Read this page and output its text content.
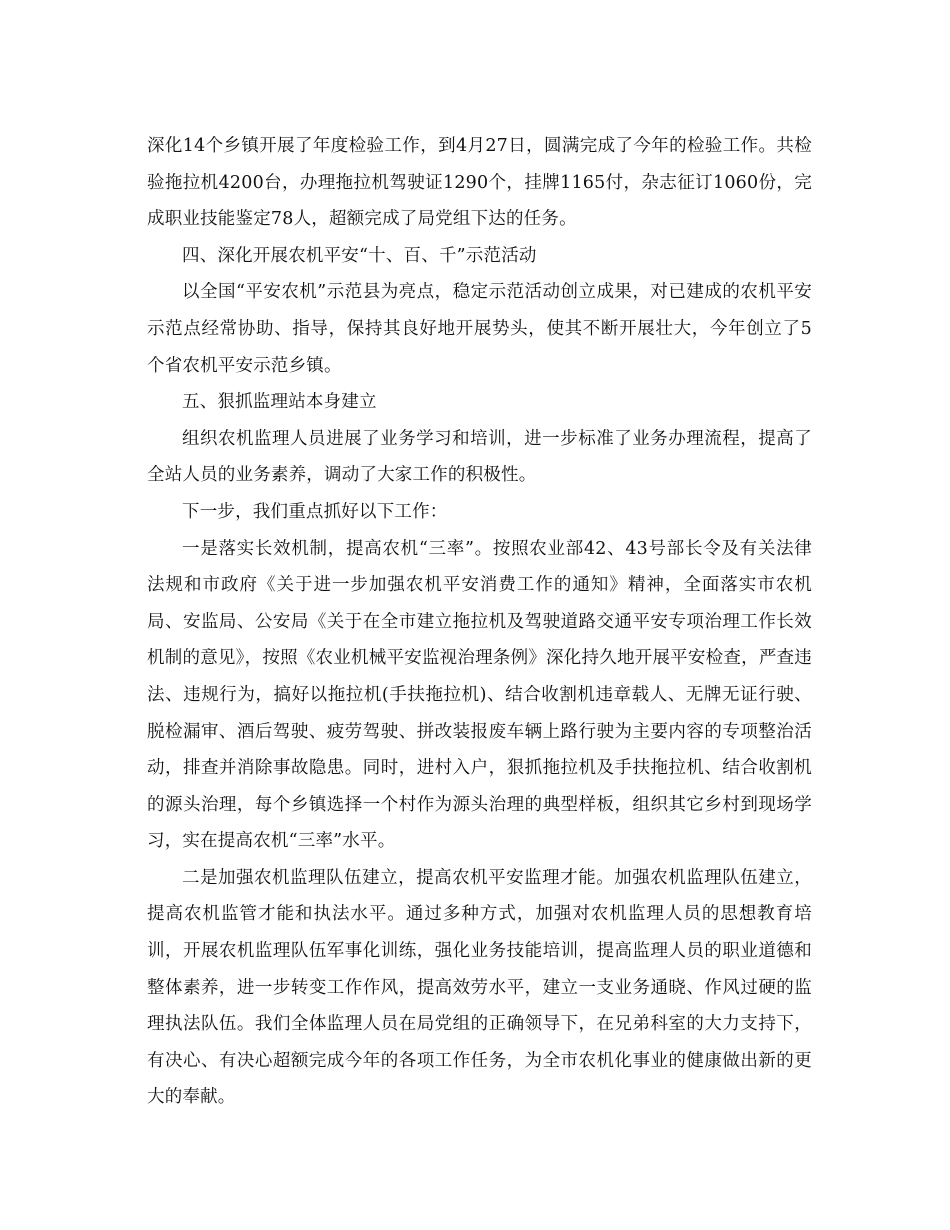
深化14个乡镇开展了年度检验工作，到4月27日，圆满完成了今年的检验工作。共检验拖拉机4200台，办理拖拉机驾驶证1290个，挂牌1165付，杂志征订1060份，完成职业技能鉴定78人，超额完成了局党组下达的任务。

四、深化开展农机平安“十、百、千”示范活动

以全国“平安农机”示范县为亮点，稳定示范活动创立成果，对已建成的农机平安示范点经常协助、指导，保持其良好地开展势头，使其不断开展壮大，今年创立了5个省农机平安示范乡镇。

五、狠抓监理站本身建立

组织农机监理人员进展了业务学习和培训，进一步标准了业务办理流程，提高了全站人员的业务素养，调动了大家工作的积极性。

下一步，我们重点抓好以下工作：

一是落实长效机制，提高农机“三率”。按照农业部42、43号部长令及有关法律法规和市政府《关于进一步加强农机平安消费工作的通知》精神，全面落实市农机局、安监局、公安局《关于在全市建立拖拉机及驾驶道路交通平安专项治理工作长效机制的意见》，按照《农业机械平安监视治理条例》深化持久地开展平安检查，严查违法、违规行为，搞好以拖拉机(手扶拖拉机)、结合收割机违章载人、无牌无证行驶、脱检漏审、酒后驾驶、疲劳驾驶、拼改装报废车辆上路行驶为主要内容的专项整治活动，排查并消除事故隐患。同时，进村入户，狠抓拖拉机及手扶拖拉机、结合收割机的源头治理，每个乡镇选择一个村作为源头治理的典型样板，组织其它乡村到现场学习，实在提高农机“三率”水平。

二是加强农机监理队伍建立，提高农机平安监理才能。加强农机监理队伍建立，提高农机监管才能和执法水平。通过多种方式，加强对农机监理人员的思想教育培训，开展农机监理队伍军事化训练，强化业务技能培训，提高监理人员的职业道德和整体素养，进一步转变工作作风，提高效劳水平，建立一支业务通晓、作风过硬的监理执法队伍。我们全体监理人员在局党组的正确领导下，在兄弟科室的大力支持下，有决心、有决心超额完成今年的各项工作任务，为全市农机化事业的健康做出新的更大的奉献。
